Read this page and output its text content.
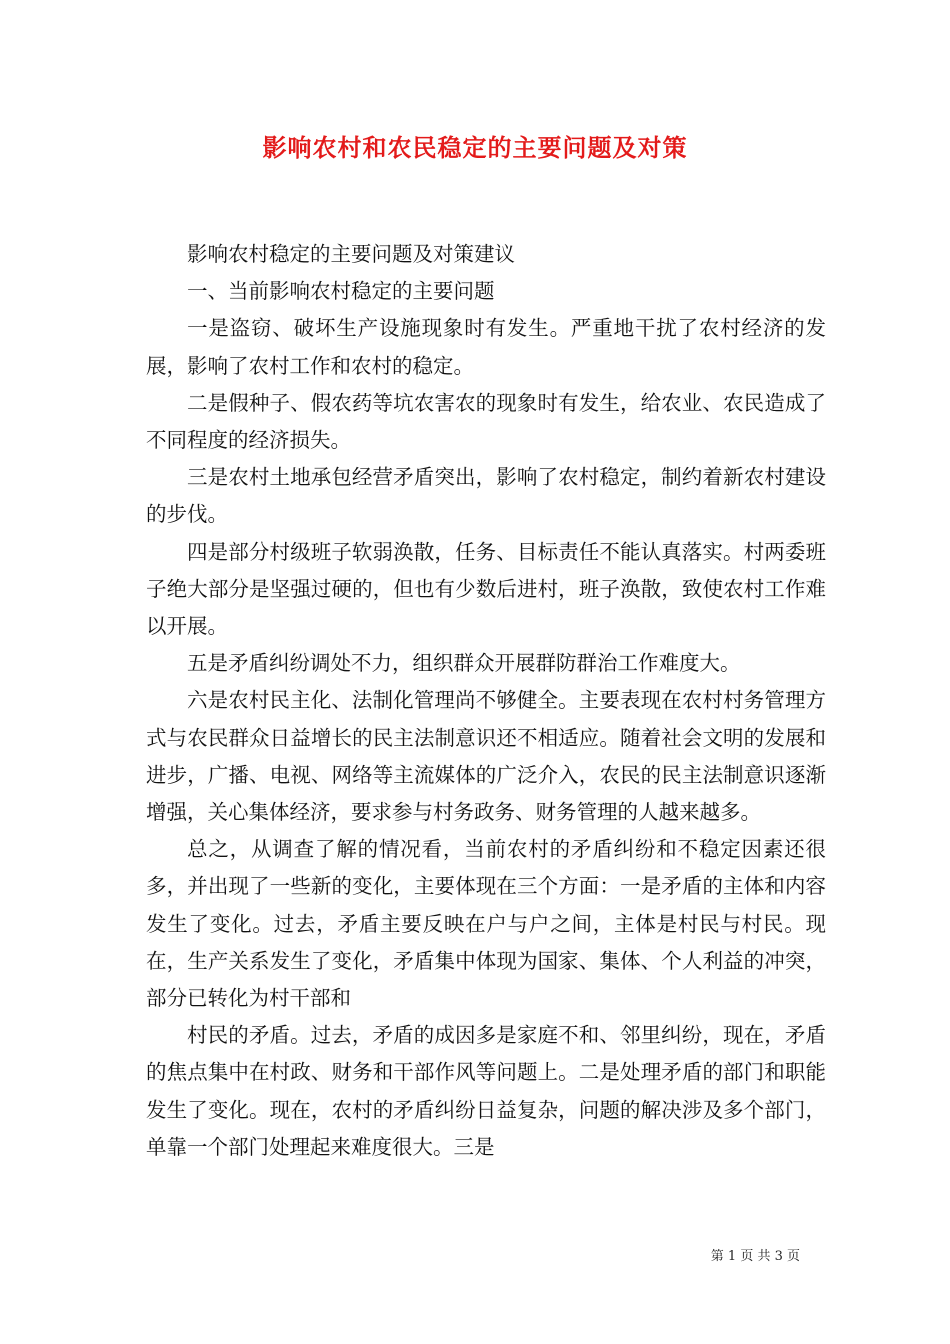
影响农村和农民稳定的主要问题及对策

影响农村稳定的主要问题及对策建议

一、当前影响农村稳定的主要问题

一是盗窃、破坏生产设施现象时有发生。严重地干扰了农村经济的发展，影响了农村工作和农村的稳定。

二是假种子、假农药等坑农害农的现象时有发生，给农业、农民造成了不同程度的经济损失。

三是农村土地承包经营矛盾突出，影响了农村稳定，制约着新农村建设的步伐。

四是部分村级班子软弱涣散，任务、目标责任不能认真落实。村两委班子绝大部分是坚强过硬的，但也有少数后进村，班子涣散，致使农村工作难以开展。

五是矛盾纠纷调处不力，组织群众开展群防群治工作难度大。

六是农村民主化、法制化管理尚不够健全。主要表现在农村村务管理方式与农民群众日益增长的民主法制意识还不相适应。随着社会文明的发展和进步，广播、电视、网络等主流媒体的广泛介入，农民的民主法制意识逐渐增强，关心集体经济，要求参与村务政务、财务管理的人越来越多。

总之，从调查了解的情况看，当前农村的矛盾纠纷和不稳定因素还很多，并出现了一些新的变化，主要体现在三个方面：一是矛盾的主体和内容发生了变化。过去，矛盾主要反映在户与户之间，主体是村民与村民。现在，生产关系发生了变化，矛盾集中体现为国家、集体、个人利益的冲突，部分已转化为村干部和

村民的矛盾。过去，矛盾的成因多是家庭不和、邻里纠纷，现在，矛盾的焦点集中在村政、财务和干部作风等问题上。二是处理矛盾的部门和职能发生了变化。现在，农村的矛盾纠纷日益复杂，问题的解决涉及多个部门，单靠一个部门处理起来难度很大。三是

第 1 页 共 3 页
